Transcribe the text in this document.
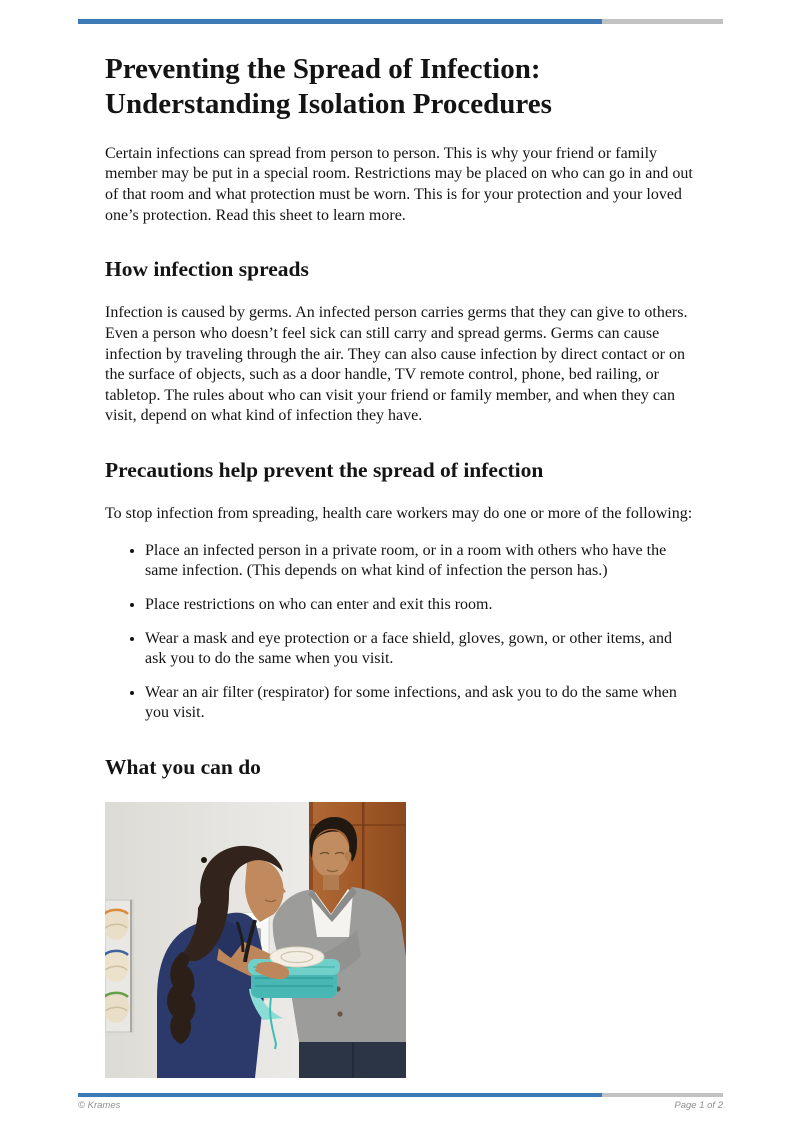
Preventing the Spread of Infection: Understanding Isolation Procedures

Certain infections can spread from person to person. This is why your friend or family member may be put in a special room. Restrictions may be placed on who can go in and out of that room and what protection must be worn. This is for your protection and your loved one’s protection. Read this sheet to learn more.

How infection spreads

Infection is caused by germs. An infected person carries germs that they can give to others. Even a person who doesn’t feel sick can still carry and spread germs. Germs can cause infection by traveling through the air. They can also cause infection by direct contact or on the surface of objects, such as a door handle, TV remote control, phone, bed railing, or tabletop. The rules about who can visit your friend or family member, and when they can visit, depend on what kind of infection they have.

Precautions help prevent the spread of infection

To stop infection from spreading, health care workers may do one or more of the following:

• Place an infected person in a private room, or in a room with others who have the same infection. (This depends on what kind of infection the person has.)
• Place restrictions on who can enter and exit this room.
• Wear a mask and eye protection or a face shield, gloves, gown, or other items, and ask you to do the same when you visit.
• Wear an air filter (respirator) for some infections, and ask you to do the same when you visit.
What you can do
© Krames	Page 1 of 2
